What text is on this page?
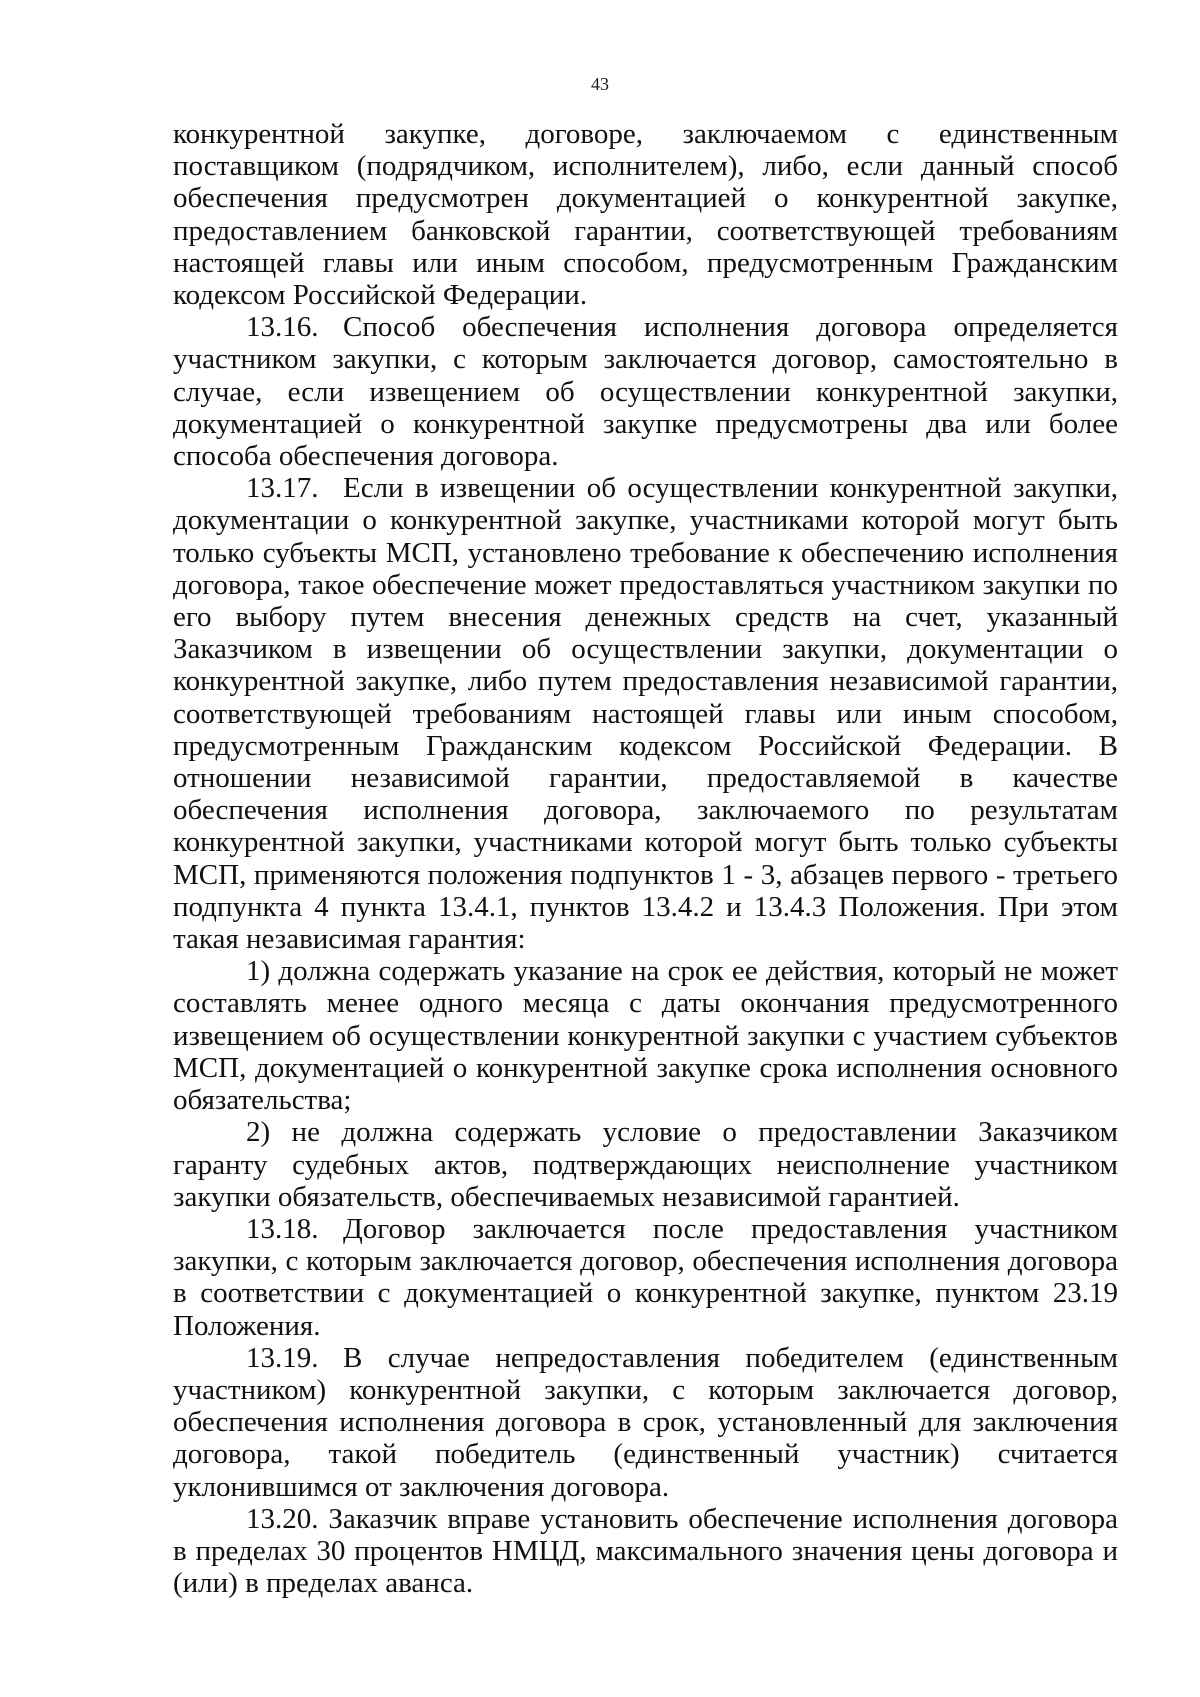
43

конкурентной закупке, договоре, заключаемом с единственным поставщиком (подрядчиком, исполнителем), либо, если данный способ обеспечения предусмотрен документацией о конкурентной закупке, предоставлением банковской гарантии, соответствующей требованиям настоящей главы или иным способом, предусмотренным Гражданским кодексом Российской Федерации.

13.16. Способ обеспечения исполнения договора определяется участником закупки, с которым заключается договор, самостоятельно в случае, если извещением об осуществлении конкурентной закупки, документацией о конкурентной закупке предусмотрены два или более способа обеспечения договора.

13.17. Если в извещении об осуществлении конкурентной закупки, документации о конкурентной закупке, участниками которой могут быть только субъекты МСП, установлено требование к обеспечению исполнения договора, такое обеспечение может предоставляться участником закупки по его выбору путем внесения денежных средств на счет, указанный Заказчиком в извещении об осуществлении закупки, документации о конкурентной закупке, либо путем предоставления независимой гарантии, соответствующей требованиям настоящей главы или иным способом, предусмотренным Гражданским кодексом Российской Федерации. В отношении независимой гарантии, предоставляемой в качестве обеспечения исполнения договора, заключаемого по результатам конкурентной закупки, участниками которой могут быть только субъекты МСП, применяются положения подпунктов 1 - 3, абзацев первого - третьего подпункта 4 пункта 13.4.1, пунктов 13.4.2 и 13.4.3 Положения. При этом такая независимая гарантия:

1) должна содержать указание на срок ее действия, который не может составлять менее одного месяца с даты окончания предусмотренного извещением об осуществлении конкурентной закупки с участием субъектов МСП, документацией о конкурентной закупке срока исполнения основного обязательства;

2) не должна содержать условие о предоставлении Заказчиком гаранту судебных актов, подтверждающих неисполнение участником закупки обязательств, обеспечиваемых независимой гарантией.

13.18. Договор заключается после предоставления участником закупки, с которым заключается договор, обеспечения исполнения договора в соответствии с документацией о конкурентной закупке, пунктом 23.19 Положения.

13.19. В случае непредоставления победителем (единственным участником) конкурентной закупки, с которым заключается договор, обеспечения исполнения договора в срок, установленный для заключения договора, такой победитель (единственный участник) считается уклонившимся от заключения договора.

13.20. Заказчик вправе установить обеспечение исполнения договора в пределах 30 процентов НМЦД, максимального значения цены договора и (или) в пределах аванса.
